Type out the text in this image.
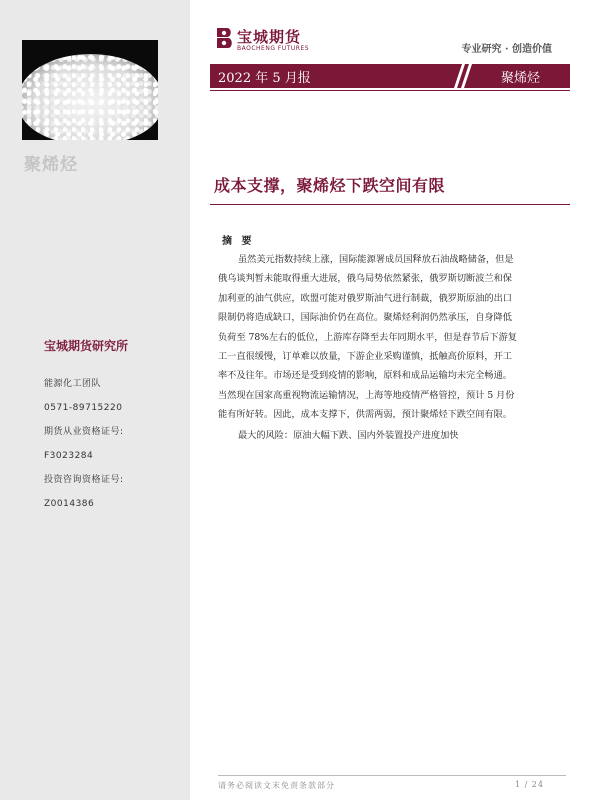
聚烯烃
宝城期货研究所
能源化工团队
0571-89715220
期货从业资格证号:
F3023284
投资咨询资格证号:
Z0014386
宝城期货
BAOCHENG FUTURES	专业研究 · 创造价值
2022 年 5 月报	聚烯烃
成本支撑，聚烯烃下跌空间有限
摘 要
虽然美元指数持续上涨，国际能源署成员国释放石油战略储备，但是
俄乌谈判暂未能取得重大进展，俄乌局势依然紧张，俄罗斯切断波兰和保
加利亚的油气供应，欧盟可能对俄罗斯油气进行制裁，俄罗斯原油的出口
限制仍将造成缺口，国际油价仍在高位。聚烯烃利润仍然承压，自身降低
负荷至 78%左右的低位，上游库存降至去年同期水平，但是春节后下游复
工一直很缓慢，订单难以放量，下游企业采购谨慎，抵触高价原料，开工
率不及往年。市场还是受到疫情的影响，原料和成品运输均未完全畅通。
当然现在国家高重视物流运输情况，上海等地疫情严格管控，预计 5 月份
能有所好转。因此，成本支撑下，供需两弱，预计聚烯烃下跌空间有限。
最大的风险：原油大幅下跌、国内外装置投产进度加快
请务必阅读文末免责条款部分	1 / 24
